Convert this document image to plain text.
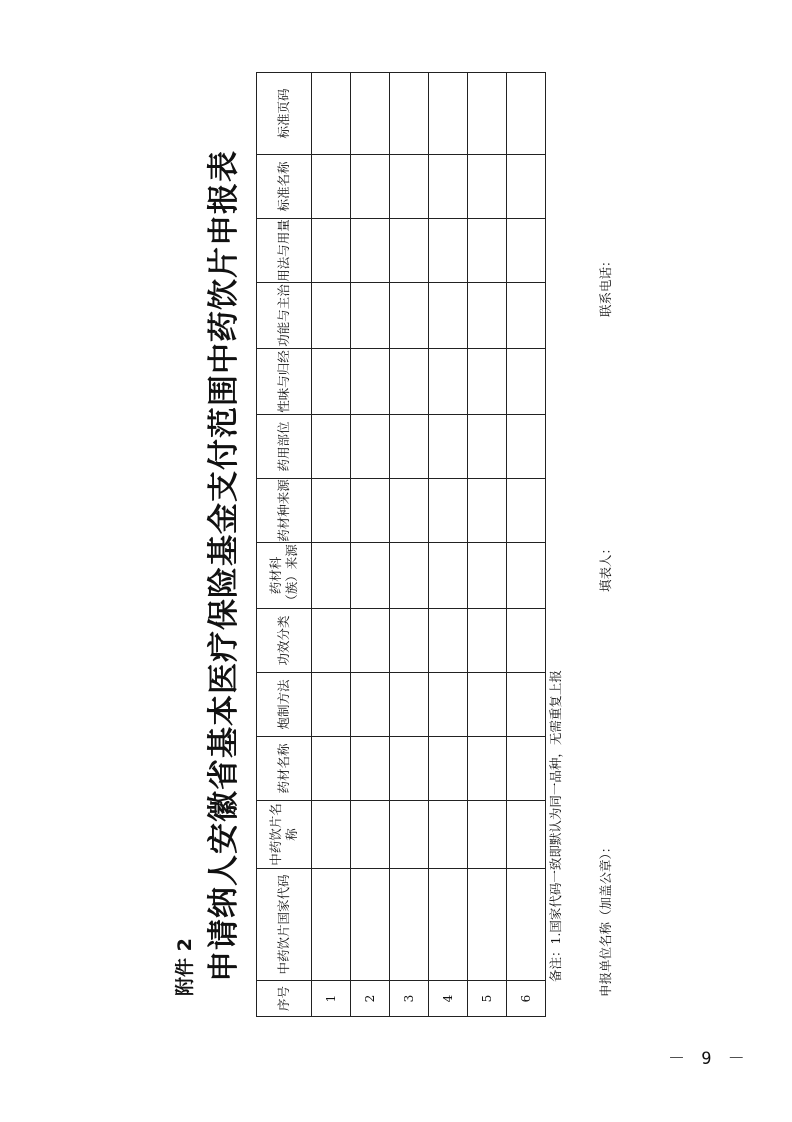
附件 2 申请纳人安徽省基本医疗保险基金支付范围中药饮片申报表
序号	中药饮片国家代码	中药饮片名称	药材名称	炮制方法	功效分类	药材科（族）来源	药材种来源	药用部位	性味与归经	功能与主治	用法与用量	标准名称	标准页码
1													
2													
3													
4													
5													
6													
备注：1.国家代码一致即默认为同一品种，无需重复上报	申报单位名称（加盖公章）：
填表人：
联系电话：
－ 9 －
